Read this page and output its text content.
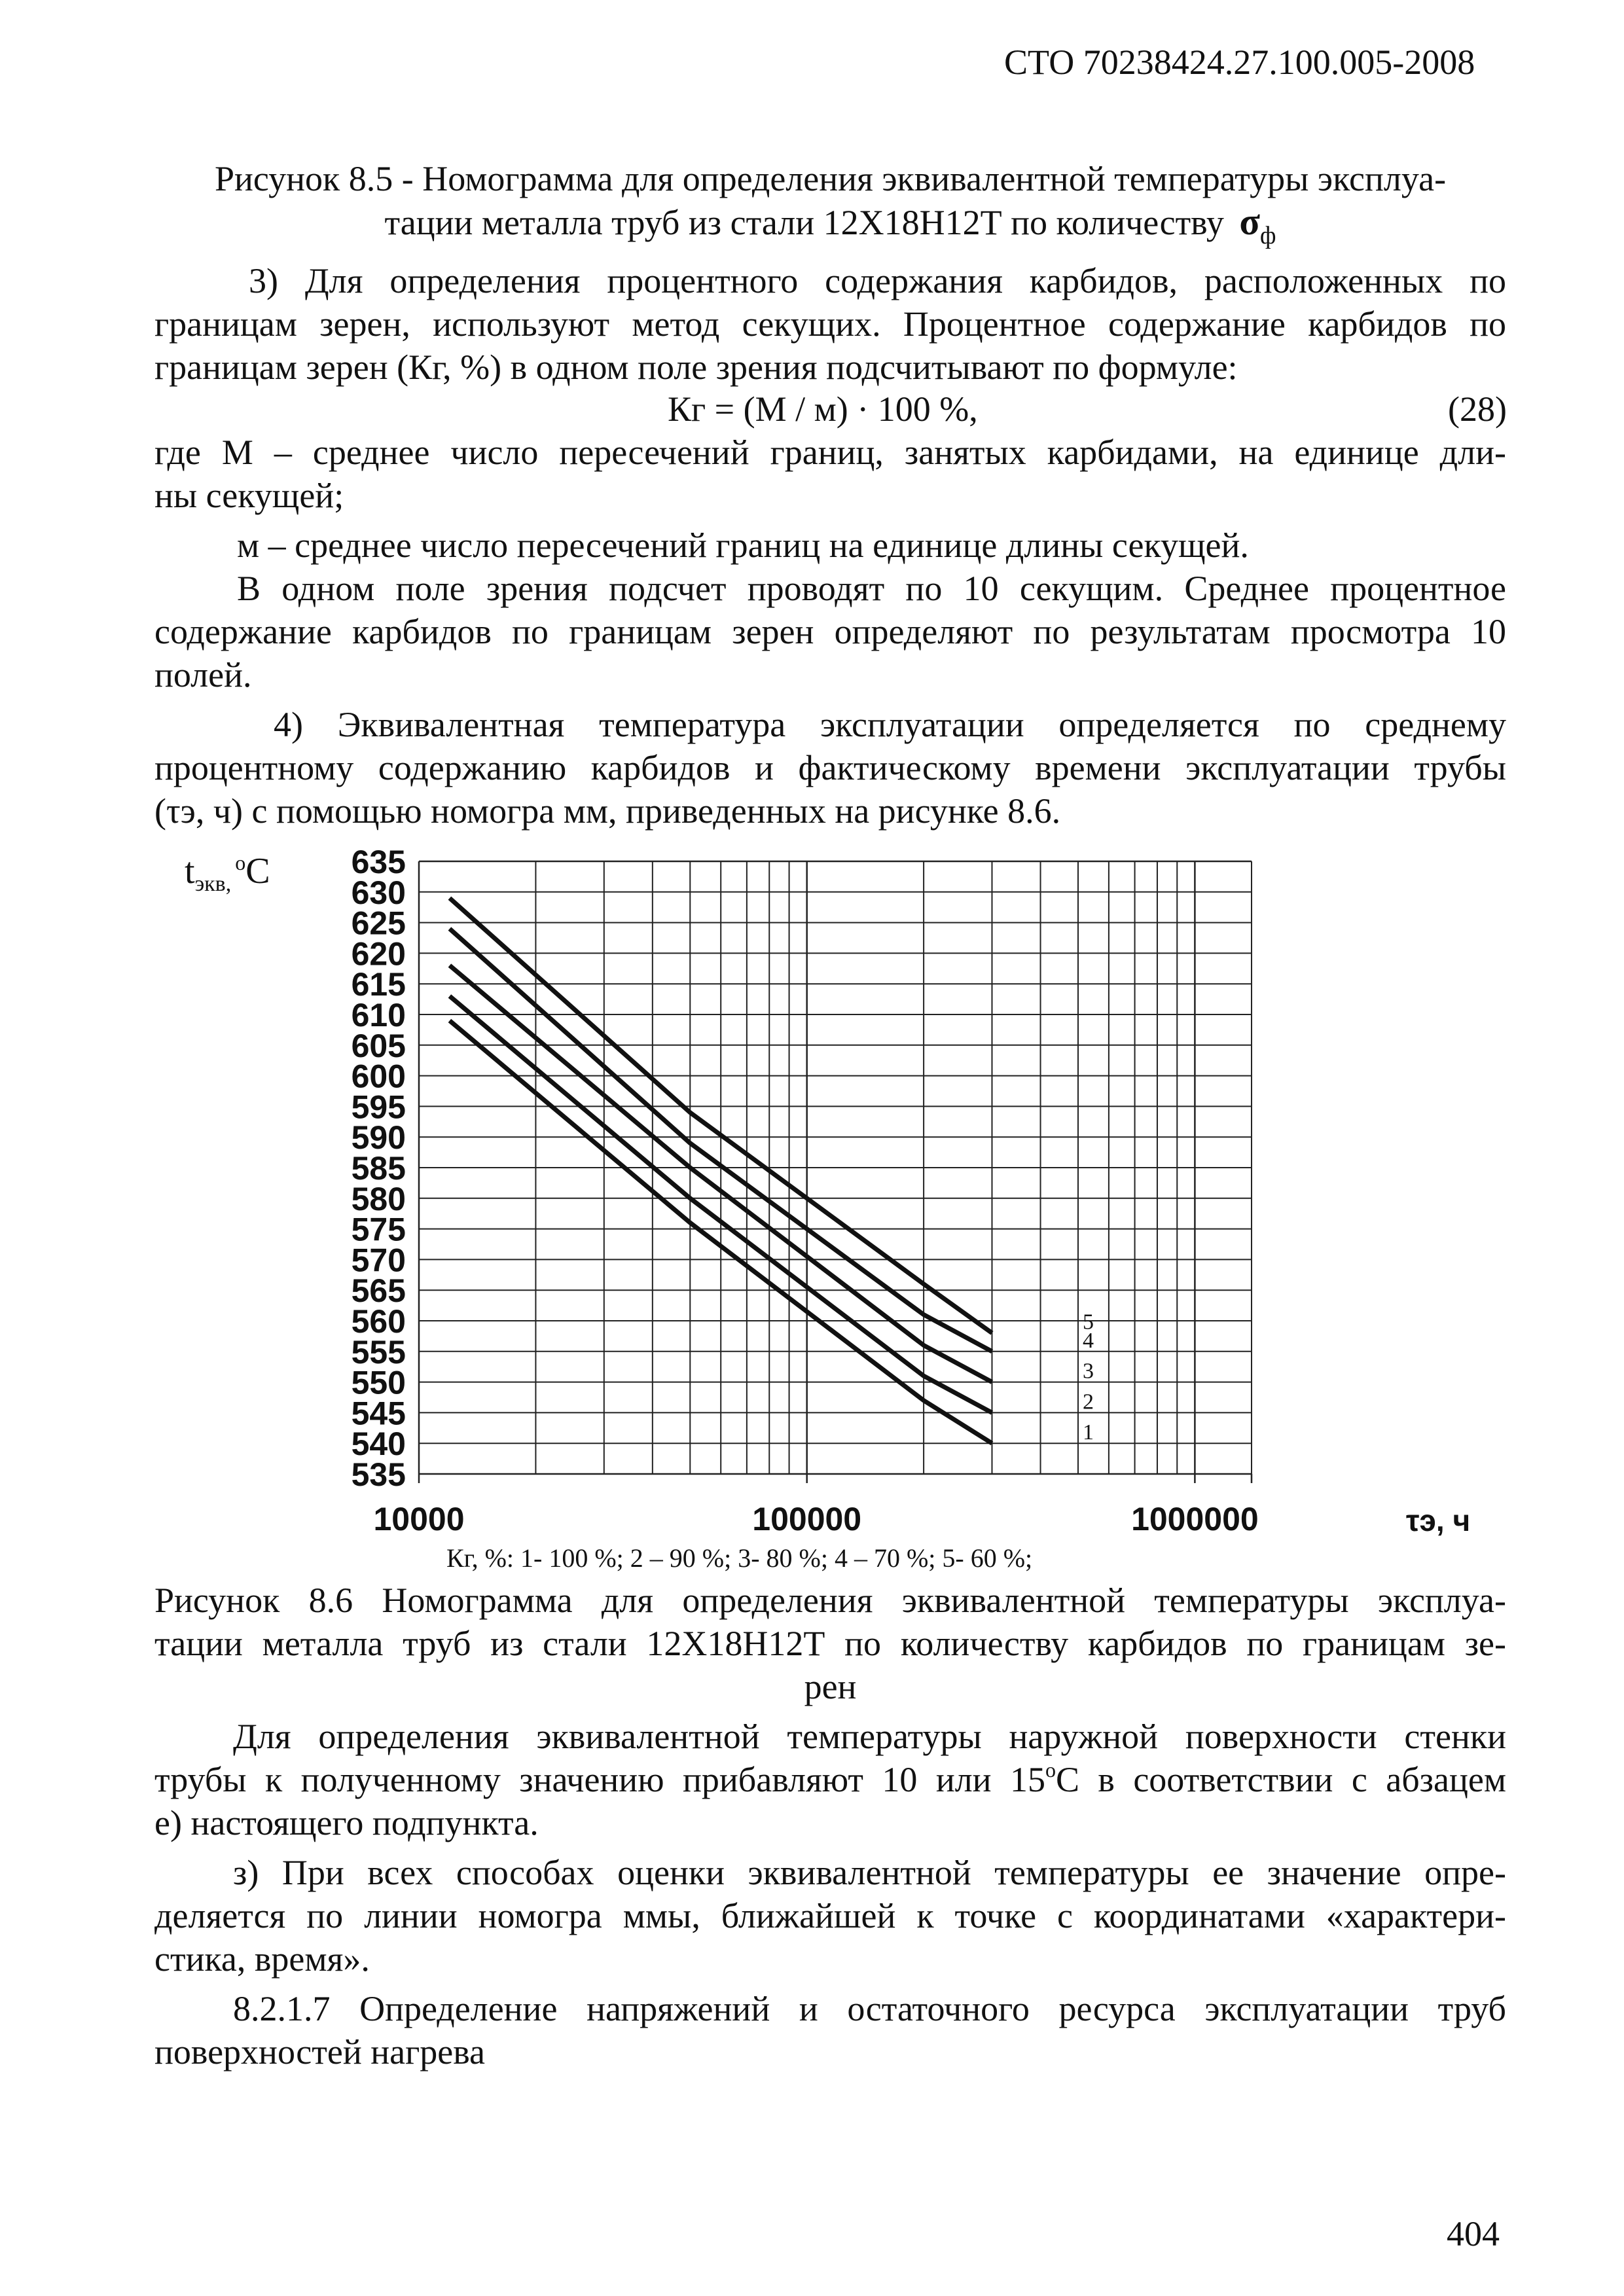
СТО 70238424.27.100.005-2008
Рисунок 8.5 - Номограмма для определения эквивалентной температуры эксплуа-
тации металла труб из стали 12Х18Н12Т по количеству $\sigma_ф$
3) Для определения процентного содержания карбидов, расположенных по
границам зерен, используют метод секущих. Процентное содержание карбидов по
границам зерен (Кг, %) в одном поле зрения подсчитывают по формуле:
Кг = (М / м) · 100 %,	(28)
где М – среднее число пересечений границ, занятых карбидами, на единице дли-
ны секущей;
м – среднее число пересечений границ на единице длины секущей.
В одном поле зрения подсчет проводят по 10 секущим. Среднее процентное
содержание карбидов по границам зерен определяют по результатам просмотра 10
полей.
4) Эквивалентная температура эксплуатации определяется по среднему
процентному содержанию карбидов и фактическому времени эксплуатации трубы
(τэ, ч) с помощью номогра мм, приведенных на рисунке 8.6.
$t_{экв,}^оС$ 635
630
625
620
615
610
605
600
595
590
585
580
575
570
565
560
555
550
545
540
535
10000	100000	1000000
1
2
3
4
5
τэ, ч
Кг, %: 1- 100 %; 2 – 90 %; 3- 80 %; 4 – 70 %; 5- 60 %;
Рисунок 8.6 Номограмма для определения эквивалентной температуры эксплуа-
тации металла труб из стали 12Х18Н12Т по количеству карбидов по границам зе-
рен
Для определения эквивалентной температуры наружной поверхности стенки
трубы к полученному значению прибавляют 10 или $15^оС$ в соответствии с абзацем
е) настоящего подпункта.
з) При всех способах оценки эквивалентной температуры ее значение опре-
деляется по линии номогра ммы, ближайшей к точке с координатами «характери-
стика, время».
8.2.1.7 Определение напряжений и остаточного ресурса эксплуатации труб
поверхностей нагрева
404
